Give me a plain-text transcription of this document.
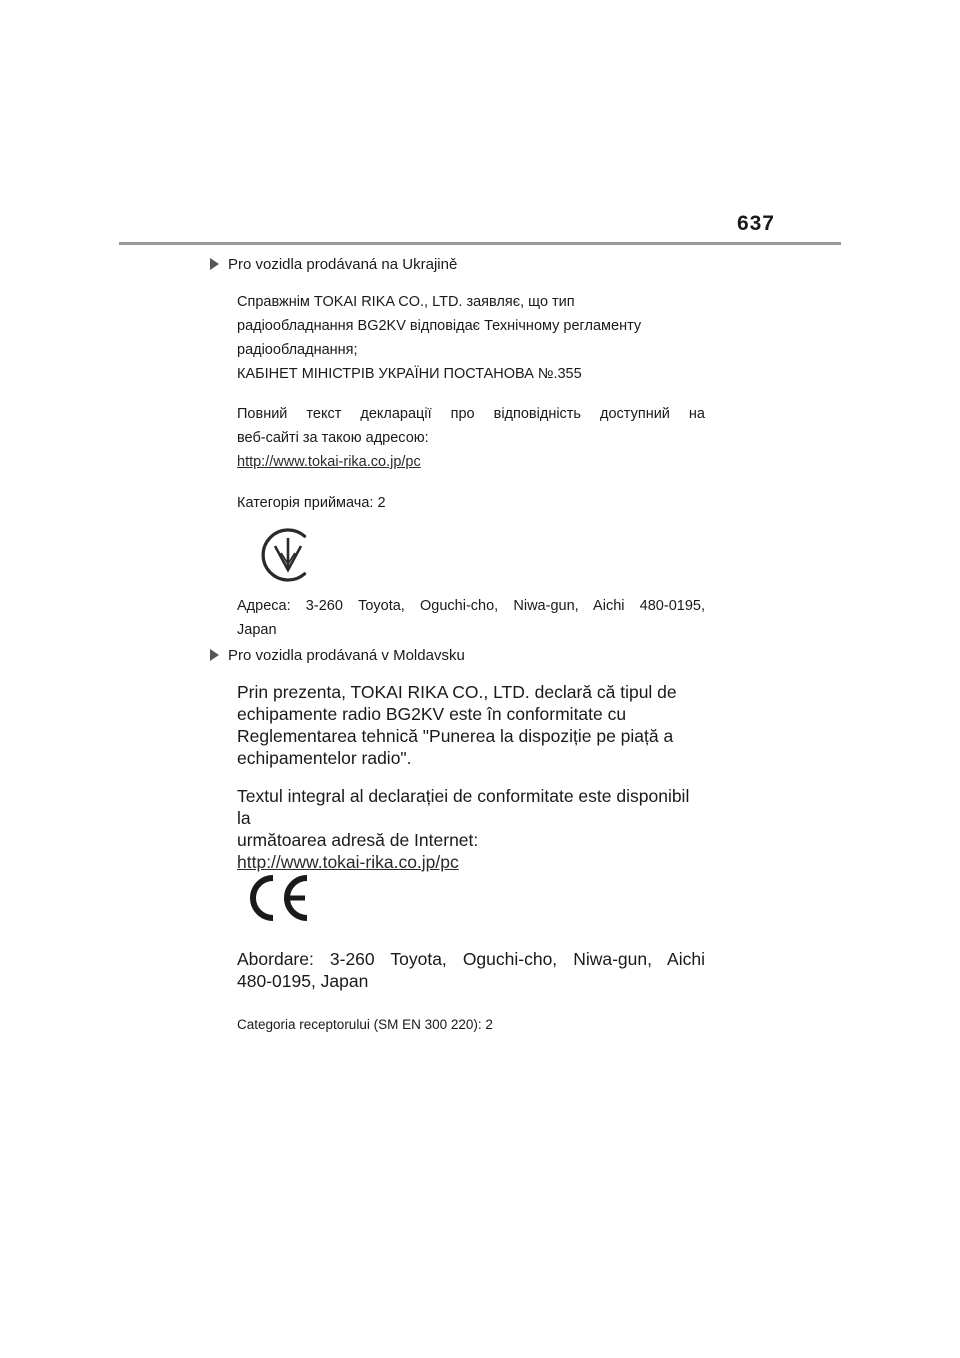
637
Pro vozidla prodávaná na Ukrajině

Справжнім TOKAI RIKA CO., LTD. заявляє, що тип

радіообладнання BG2KV відповідає Технічному регламенту

радіообладнання;

КАБІНЕТ МІНІСТРІВ УКРАЇНИ ПОСТАНОВА №.355

Повний текст декларації про відповідність доступний на

веб-сайті за такою адресою:

http://www.tokai-rika.co.jp/pc

Категорія приймача: 2

Адреса: 3-260 Toyota, Oguchi-cho, Niwa-gun, Aichi 480-0195,

Japan

Pro vozidla prodávaná v Moldavsku

Prin prezenta, TOKAI RIKA CO., LTD. declară că tipul de

echipamente radio BG2KV este în conformitate cu

Reglementarea tehnică "Punerea la dispoziție pe piață a

echipamentelor radio".

Textul integral al declarației de conformitate este disponibil la

următoarea adresă de Internet:

http://www.tokai-rika.co.jp/pc

Abordare: 3-260 Toyota, Oguchi-cho, Niwa-gun, Aichi

480-0195, Japan

Categoria receptorului (SM EN 300 220): 2
